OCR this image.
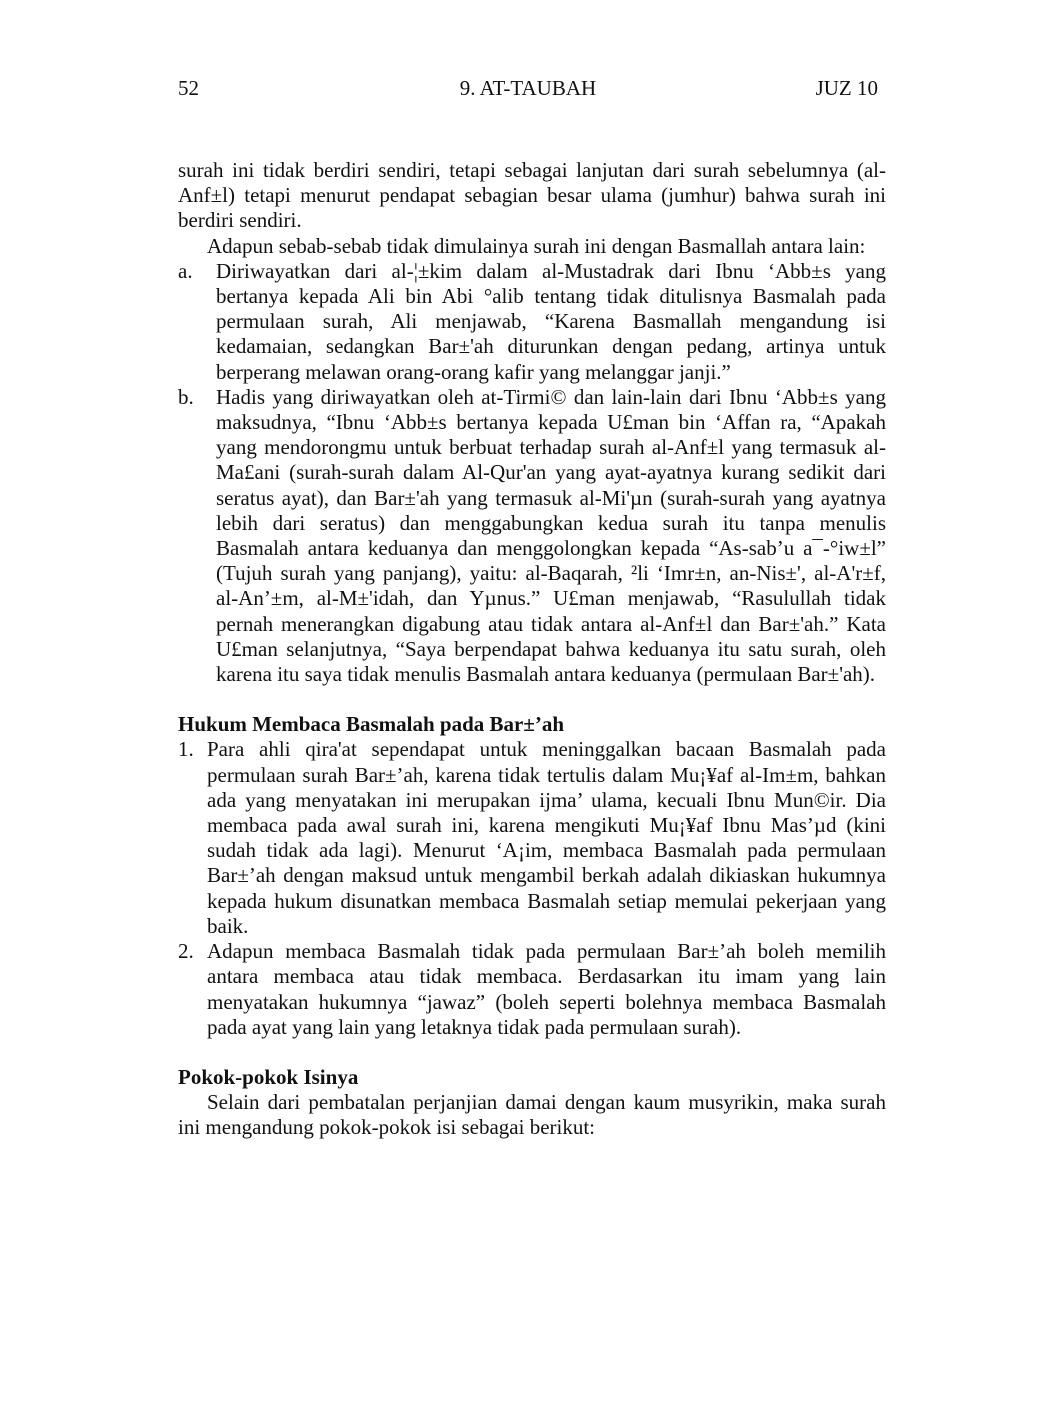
52	9. AT-TAUBAH	JUZ 10

surah ini tidak berdiri sendiri, tetapi sebagai lanjutan dari surah sebelumnya (al-Anf±l) tetapi menurut pendapat sebagian besar ulama (jumhur) bahwa surah ini berdiri sendiri.

Adapun sebab-sebab tidak dimulainya surah ini dengan Basmallah antara lain:

a.	Diriwayatkan dari al-¦±kim dalam al-Mustadrak dari Ibnu ‘Abb±s yang bertanya kepada Ali bin Abi °alib tentang tidak ditulisnya Basmalah pada permulaan surah, Ali menjawab, “Karena Basmallah mengandung isi kedamaian, sedangkan Bar±'ah diturunkan dengan pedang, artinya untuk berperang melawan orang-orang kafir yang melanggar janji.”
b.	Hadis yang diriwayatkan oleh at-Tirmi© dan lain-lain dari Ibnu ‘Abb±s yang maksudnya, “Ibnu ‘Abb±s bertanya kepada U£man bin ‘Affan ra, “Apakah yang mendorongmu untuk berbuat terhadap surah al-Anf±l yang termasuk al-Ma£ani (surah-surah dalam Al-Qur'an yang ayat-ayatnya kurang sedikit dari seratus ayat), dan Bar±'ah yang termasuk al-Mi'µn (surah-surah yang ayatnya lebih dari seratus) dan menggabungkan kedua surah itu tanpa menulis Basmalah antara keduanya dan menggolongkan kepada “As-sab’u a¯-°iw±l” (Tujuh surah yang panjang), yaitu: al-Baqarah, ²li ‘Imr±n, an-Nis±', al-A'r±f, al-An’±m, al-M±'idah, dan Yµnus.” U£man menjawab, “Rasulullah tidak pernah menerangkan digabung atau tidak antara al-Anf±l dan Bar±'ah.” Kata U£man selanjutnya, “Saya berpendapat bahwa keduanya itu satu surah, oleh karena itu saya tidak menulis Basmalah antara keduanya (permulaan Bar±'ah).
Hukum Membaca Basmalah pada Bar±’ah
1. Para ahli qira'at sependapat untuk meninggalkan bacaan Basmalah pada permulaan surah Bar±’ah, karena tidak tertulis dalam Mu¡¥af al-Im±m, bahkan ada yang menyatakan ini merupakan ijma’ ulama, kecuali Ibnu Mun©ir. Dia membaca pada awal surah ini, karena mengikuti Mu¡¥af Ibnu Mas’µd (kini sudah tidak ada lagi). Menurut ‘A¡im, membaca Basmalah pada permulaan Bar±’ah dengan maksud untuk mengambil berkah adalah dikiaskan hukumnya kepada hukum disunatkan membaca Basmalah setiap memulai pekerjaan yang baik.
2. Adapun membaca Basmalah tidak pada permulaan Bar±’ah boleh memilih antara membaca atau tidak membaca. Berdasarkan itu imam yang lain menyatakan hukumnya “jawaz” (boleh seperti bolehnya membaca Basmalah pada ayat yang lain yang letaknya tidak pada permulaan surah).
Pokok-pokok Isinya

Selain dari pembatalan perjanjian damai dengan kaum musyrikin, maka surah ini mengandung pokok-pokok isi sebagai berikut:
